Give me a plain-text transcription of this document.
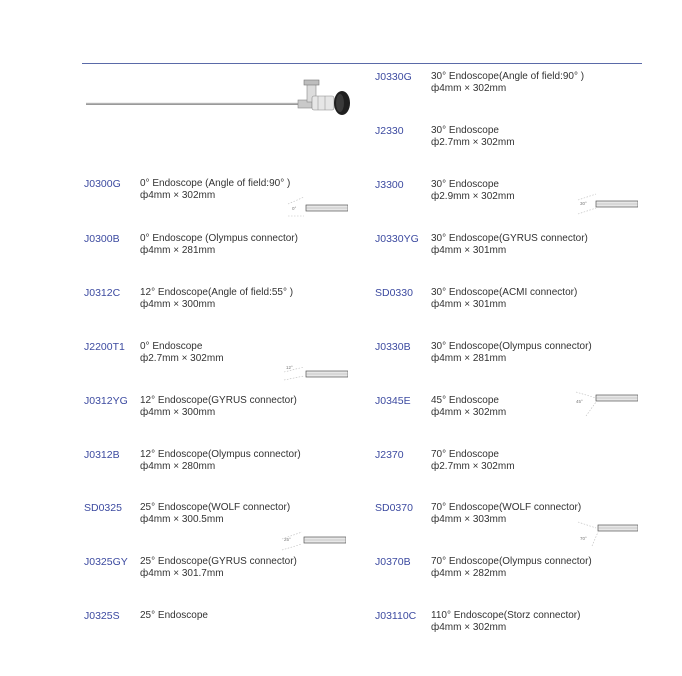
J0300G 0° Endoscope (Angle of field:90° )
ф4mm × 302mm
J0300B 0° Endoscope (Olympus connector)
ф4mm × 281mm
J0312C 12° Endoscope(Angle of field:55° )
ф4mm × 300mm
J2200T1 0° Endoscope
ф2.7mm × 302mm
J0312YG 12° Endoscope(GYRUS connector)
ф4mm × 300mm
J0312B 12° Endoscope(Olympus connector)
ф4mm × 280mm
SD0325 25° Endoscope(WOLF connector)
ф4mm × 300.5mm
J0325GY 25° Endoscope(GYRUS connector)
ф4mm × 301.7mm
J0325S 25° Endoscope
J0330G 30° Endoscope(Angle of field:90° )
ф4mm × 302mm
J2330	30° Endoscope
ф2.7mm × 302mm
J3300	30° Endoscope
ф2.9mm × 302mm
J0330YG 30° Endoscope(GYRUS connector)
ф4mm × 301mm
SD0330 30° Endoscope(ACMI connector)
ф4mm × 301mm
J0330B 30° Endoscope(Olympus connector)
ф4mm × 281mm
J0345E 45° Endoscope
ф4mm × 302mm
J2370	70° Endoscope
ф2.7mm × 302mm
SD0370 70° Endoscope(WOLF connector)
ф4mm × 303mm
J0370B 70° Endoscope(Olympus connector)
ф4mm × 282mm
J03110C 110° Endoscope(Storz connector)
ф4mm × 302mm
0°
12°
25°
30°
45°
70°
